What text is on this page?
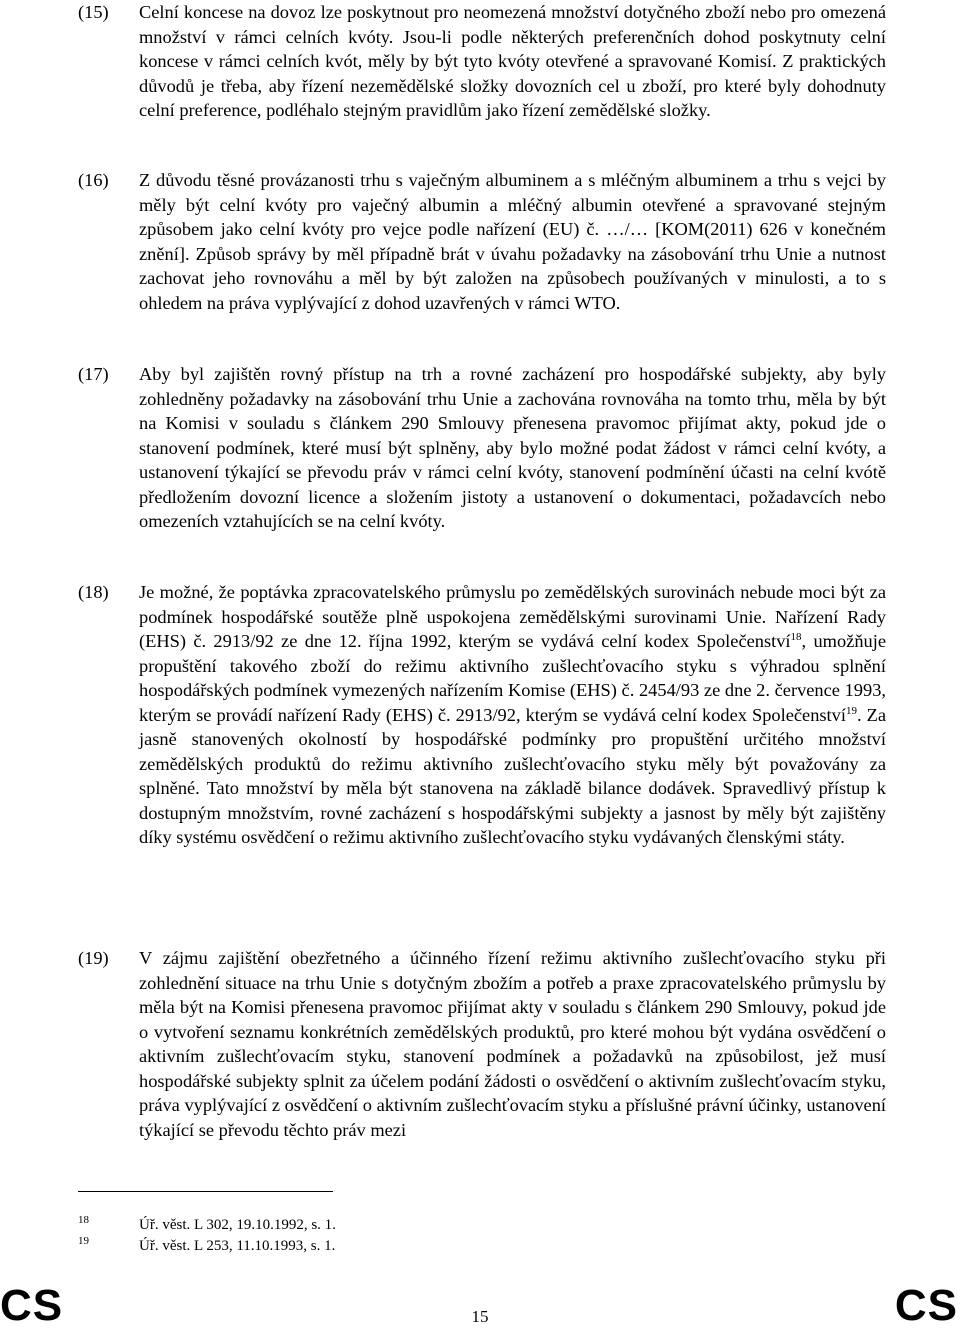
(15)	Celní koncese na dovoz lze poskytnout pro neomezená množství dotyčného zboží nebo pro omezená množství v rámci celních kvóty. Jsou-li podle některých preferenčních dohod poskytnuty celní koncese v rámci celních kvót, měly by být tyto kvóty otevřené a spravované Komisí. Z praktických důvodů je třeba, aby řízení nezemědělské složky dovozních cel u zboží, pro které byly dohodnuty celní preference, podléhalo stejným pravidlům jako řízení zemědělské složky.
(16)	Z důvodu těsné provázanosti trhu s vaječným albuminem a s mléčným albuminem a trhu s vejci by měly být celní kvóty pro vaječný albumin a mléčný albumin otevřené a spravované stejným způsobem jako celní kvóty pro vejce podle nařízení (EU) č. …/… [KOM(2011) 626 v konečném znění]. Způsob správy by měl případně brát v úvahu požadavky na zásobování trhu Unie a nutnost zachovat jeho rovnováhu a měl by být založen na způsobech používaných v minulosti, a to s ohledem na práva vyplývající z dohod uzavřených v rámci WTO.
(17)	Aby byl zajištěn rovný přístup na trh a rovné zacházení pro hospodářské subjekty, aby byly zohledněny požadavky na zásobování trhu Unie a zachována rovnováha na tomto trhu, měla by být na Komisi v souladu s článkem 290 Smlouvy přenesena pravomoc přijímat akty, pokud jde o stanovení podmínek, které musí být splněny, aby bylo možné podat žádost v rámci celní kvóty, a ustanovení týkající se převodu práv v rámci celní kvóty, stanovení podmínění účasti na celní kvótě předložením dovozní licence a složením jistoty a ustanovení o dokumentaci, požadavcích nebo omezeních vztahujících se na celní kvóty.
(18)	Je možné, že poptávka zpracovatelského průmyslu po zemědělských surovinách nebude moci být za podmínek hospodářské soutěže plně uspokojena zemědělskými surovinami Unie. Nařízení Rady (EHS) č. 2913/92 ze dne 12. října 1992, kterým se vydává celní kodex Společenství$^{18}$, umožňuje propuštění takového zboží do režimu aktivního zušlechťovacího styku s výhradou splnění hospodářských podmínek vymezených nařízením Komise (EHS) č. 2454/93 ze dne 2. července 1993, kterým se provádí nařízení Rady (EHS) č. 2913/92, kterým se vydává celní kodex Společenství$^{19}$. Za jasně stanovených okolností by hospodářské podmínky pro propuštění určitého množství zemědělských produktů do režimu aktivního zušlechťovacího styku měly být považovány za splněné. Tato množství by měla být stanovena na základě bilance dodávek. Spravedlivý přístup k dostupným množstvím, rovné zacházení s hospodářskými subjekty a jasnost by měly být zajištěny díky systému osvědčení o režimu aktivního zušlechťovacího styku vydávaných členskými státy.
(19)	V zájmu zajištění obezřetného a účinného řízení režimu aktivního zušlechťovacího styku při zohlednění situace na trhu Unie s dotyčným zbožím a potřeb a praxe zpracovatelského průmyslu by měla být na Komisi přenesena pravomoc přijímat akty v souladu s článkem 290 Smlouvy, pokud jde o vytvoření seznamu konkrétních zemědělských produktů, pro které mohou být vydána osvědčení o aktivním zušlechťovacím styku, stanovení podmínek a požadavků na způsobilost, jež musí hospodářské subjekty splnit za účelem podání žádosti o osvědčení o aktivním zušlechťovacím styku, práva vyplývající z osvědčení o aktivním zušlechťovacím styku a příslušné právní účinky, ustanovení týkající se převodu těchto práv mezi
18	Úř. věst. L 302, 19.10.1992, s. 1.
19	Úř. věst. L 253, 11.10.1993, s. 1.
CS	15	CS
